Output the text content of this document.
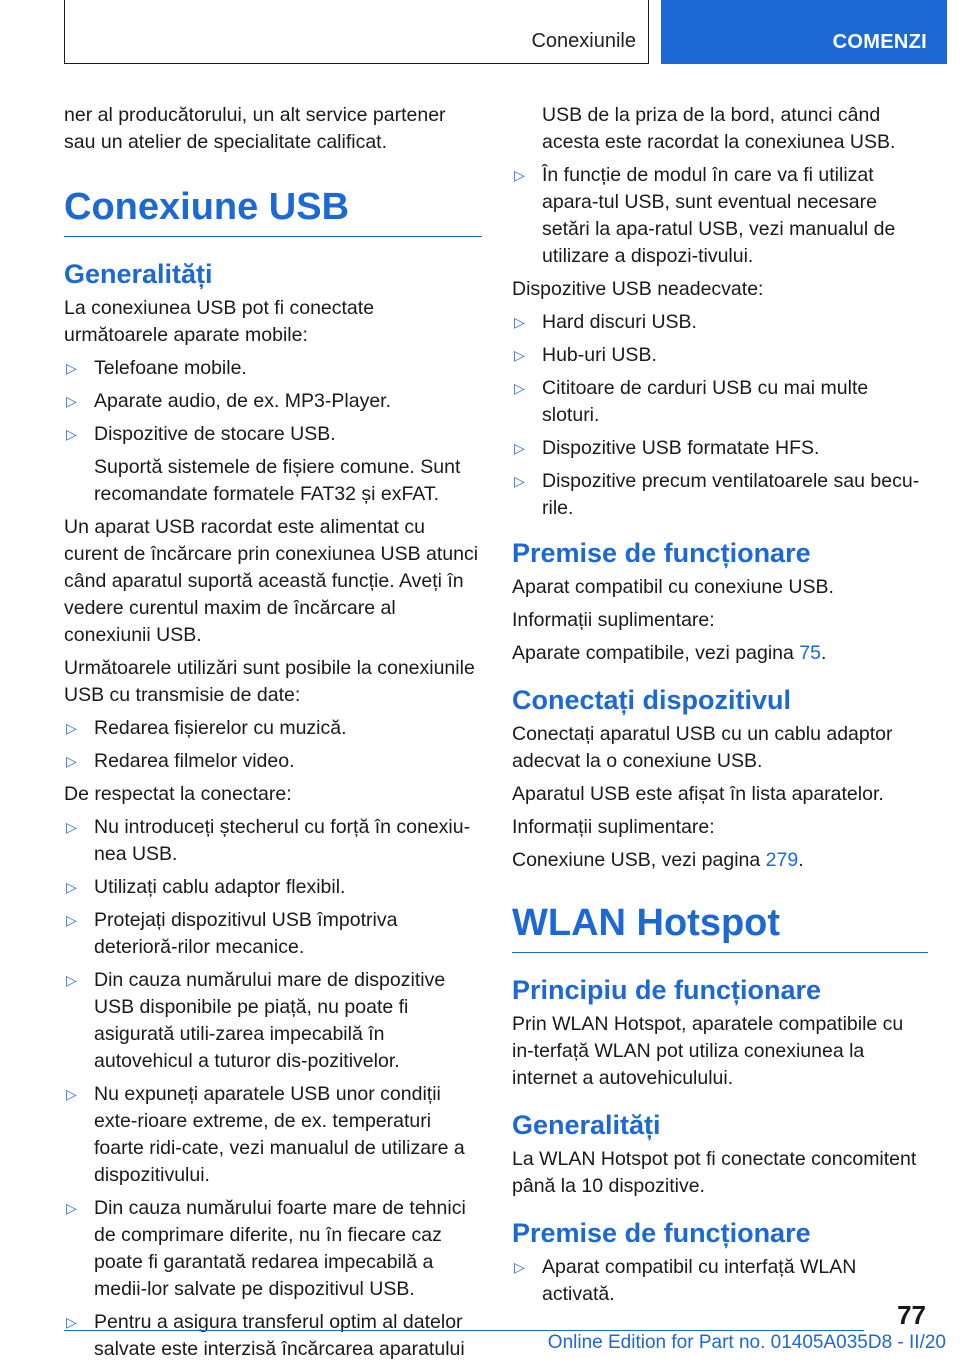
Conexiunile	COMENZI

ner al producătorului, un alt service partener sau un atelier de specialitate calificat.

Conexiune USB
Generalități

La conexiunea USB pot fi conectate următoarele aparate mobile:

▷ Telefoane mobile.
▷ Aparate audio, de ex. MP3-Player.
▷ Dispozitive de stocare USB.

Suportă sistemele de fișiere comune. Sunt recomandate formatele FAT32 și exFAT.

Un aparat USB racordat este alimentat cu curent de încărcare prin conexiunea USB atunci când aparatul suportă această funcție. Aveți în vedere curentul maxim de încărcare al conexiunii USB.

Următoarele utilizări sunt posibile la conexiunile USB cu transmisie de date:

▷ Redarea fișierelor cu muzică.
▷ Redarea filmelor video.

De respectat la conectare:

▷ Nu introduceți ștecherul cu forță în conexiu-nea USB.
▷ Utilizați cablu adaptor flexibil.
▷ Protejați dispozitivul USB împotriva deterioră-rilor mecanice.
▷ Din cauza numărului mare de dispozitive USB disponibile pe piață, nu poate fi asigurată utili-zarea impecabilă în autovehicul a tuturor dis-pozitivelor.
▷ Nu expuneți aparatele USB unor condiții exte-rioare extreme, de ex. temperaturi foarte ridi-cate, vezi manualul de utilizare a dispozitivului.
▷ Din cauza numărului foarte mare de tehnici de comprimare diferite, nu în fiecare caz poate fi garantată redarea impecabilă a medii-lor salvate pe dispozitivul USB.
▷ Pentru a asigura transferul optim al datelor salvate este interzisă încărcarea aparatului

USB de la priza de la bord, atunci când acesta este racordat la conexiunea USB.

▷ În funcție de modul în care va fi utilizat apara-tul USB, sunt eventual necesare setări la apa-ratul USB, vezi manualul de utilizare a dispozi-tivului.

Dispozitive USB neadecvate:

▷ Hard discuri USB.
▷ Hub-uri USB.
▷ Cititoare de carduri USB cu mai multe sloturi.
▷ Dispozitive USB formatate HFS.
▷ Dispozitive precum ventilatoarele sau becu-rile.
Premise de funcționare

Aparat compatibil cu conexiune USB.

Informații suplimentare:

Aparate compatibile, vezi pagina 75.

Conectați dispozitivul

Conectați aparatul USB cu un cablu adaptor adecvat la o conexiune USB.

Aparatul USB este afișat în lista aparatelor.

Informații suplimentare:

Conexiune USB, vezi pagina 279.

WLAN Hotspot
Principiu de funcționare

Prin WLAN Hotspot, aparatele compatibile cu in-terfață WLAN pot utiliza conexiunea la internet a autovehiculului.

Generalități

La WLAN Hotspot pot fi conectate concomitent până la 10 dispozitive.

Premise de funcționare
▷ Aparat compatibil cu interfață WLAN activată.
77
Online Edition for Part no. 01405A035D8 - II/20
